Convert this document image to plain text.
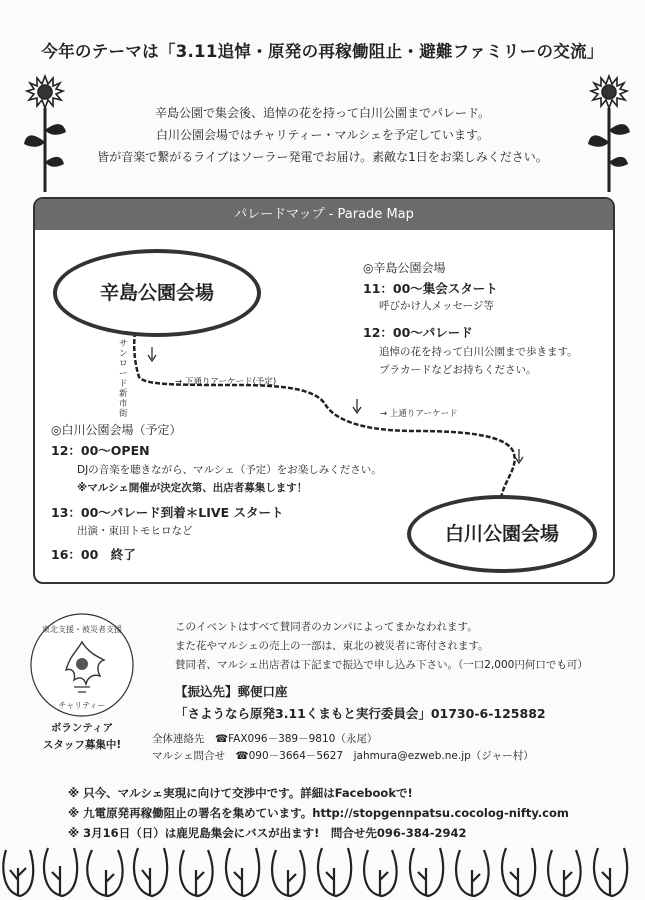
今年のテーマは「3.11追悼・原発の再稼働阻止・避難ファミリーの交流」
辛島公園で集会後、追悼の花を持って白川公園までパレード。
白川公園会場ではチャリティー・マルシェを予定しています。
皆が音楽で繋がるライブはソーラー発電でお届け。素敵な1日をお楽しみください。
パレードマップ - Parade Map
辛島公園会場
白川公園会場
サンロード新市街
→ 下通りアーケード(予定)
→ 上通りアーケード
◎辛島公園会場
11：00～集会スタート
呼びかけ人メッセージ等
12：00～パレード
追悼の花を持って白川公園まで歩きます。
プラカードなどお持ちください。
◎白川公園会場（予定）
12：00～OPEN
DJの音楽を聴きながら、マルシェ（予定）をお楽しみください。
※マルシェ開催が決定次第、出店者募集します！
13：00～パレード到着＊LIVE スタート
出演・東田トモヒロなど
16：00　終了
東北支援・被災者支援
チャリティー
ボランティア
スタッフ募集中!
このイベントはすべて賛同者のカンパによってまかなわれます。
また花やマルシェの売上の一部は、東北の被災者に寄付されます。
賛同者、マルシェ出店者は下記まで振込で申し込み下さい。（一口2,000円何口でも可）
【振込先】郵便口座
「さようなら原発3.11くまもと実行委員会」01730-6-125882
全体連絡先　☎FAX096－389－9810（永尾）
マルシェ問合せ　☎090－3664－5627　jahmura@ezweb.ne.jp（ジャー村）
※ 只今、マルシェ実現に向けて交渉中です。詳細はFacebookで!
※ 九電原発再稼働阻止の署名を集めています。http://stopgennpatsu.cocolog-nifty.com
※ 3月16日（日）は鹿児島集会にバスが出ます!　問合せ先096-384-2942
